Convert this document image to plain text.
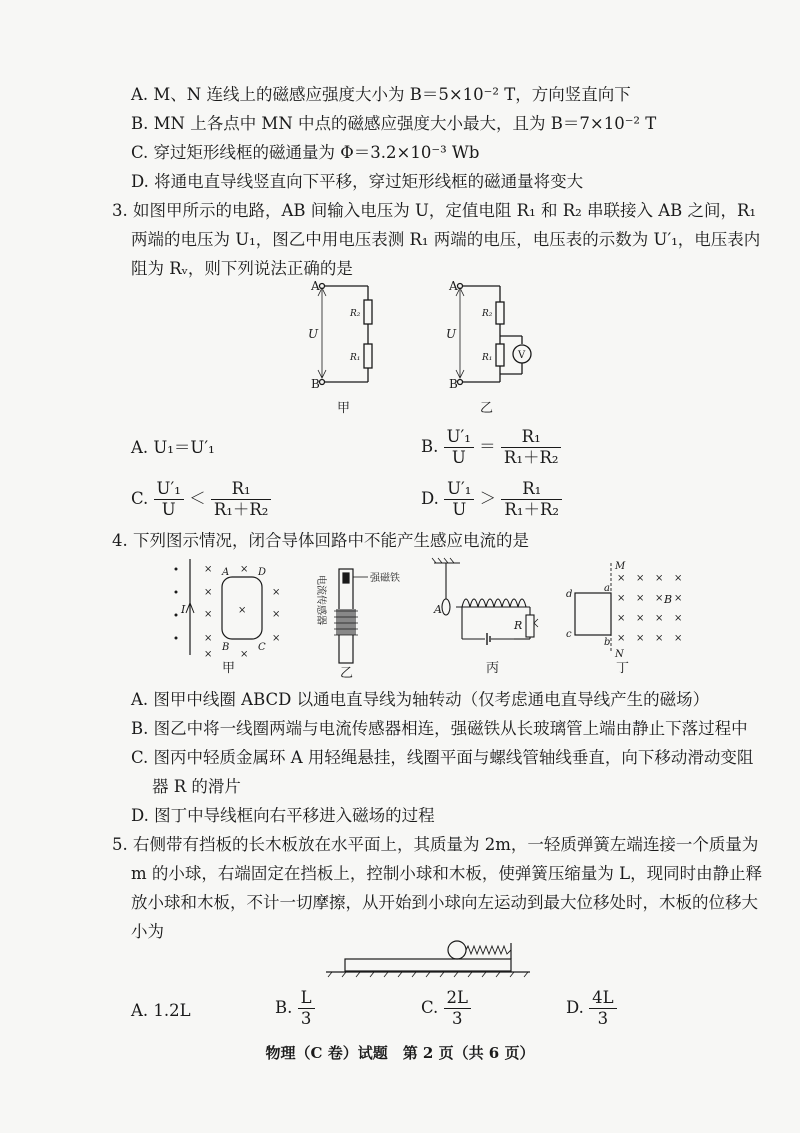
A. M、N 连线上的磁感应强度大小为 B＝5×10⁻² T，方向竖直向下
B. MN 上各点中 MN 中点的磁感应强度大小最大，且为 B＝7×10⁻² T
C. 穿过矩形线框的磁通量为 Φ＝3.2×10⁻³ Wb
D. 将通电直导线竖直向下平移，穿过矩形线框的磁通量将变大
3. 如图甲所示的电路，AB 间输入电压为 U，定值电阻 R₁ 和 R₂ 串联接入 AB 之间，R₁
两端的电压为 U₁，图乙中用电压表测 R₁ 两端的电压，电压表的示数为 U′₁，电压表内
阻为 Rᵥ，则下列说法正确的是
A
B
U
R₂
R₁
甲
A
B
U
R₂
R₁	V
乙
A. U₁＝U′₁	B. $\frac{\text{U′₁}}{U} = \frac{\text{R₁}}{\text{R₁＋R₂}}$
C. $\frac{\text{U′₁}}{U} < \frac{\text{R₁}}{\text{R₁＋R₂}}$	D. $\frac{\text{U′₁}}{U} > \frac{\text{R₁}}{\text{R₁＋R₂}}$
4. 下列图示情况，闭合导体回路中不能产生感应电流的是
×	×
×	×
×	×	×
×	×
×	×
I
A	D
B	C
甲
强磁铁
电流传感器
乙
A
R
丙
× × × ×
× × × ×
× × × ×
× × × ×
M
N
a
b
c
d	B
丁
A. 图甲中线圈 ABCD 以通电直导线为轴转动（仅考虑通电直导线产生的磁场）
B. 图乙中将一线圈两端与电流传感器相连，强磁铁从长玻璃管上端由静止下落过程中
C. 图丙中轻质金属环 A 用轻绳悬挂，线圈平面与螺线管轴线垂直，向下移动滑动变阻
器 R 的滑片
D. 图丁中导线框向右平移进入磁场的过程
5. 右侧带有挡板的长木板放在水平面上，其质量为 2m，一轻质弹簧左端连接一个质量为
m 的小球，右端固定在挡板上，控制小球和木板，使弹簧压缩量为 L，现同时由静止释
放小球和木板，不计一切摩擦，从开始到小球向左运动到最大位移处时，木板的位移大
小为
A. 1.2L	B. $\frac{L}{3}$	C. $\frac{2L}{3}$	D. $\frac{4L}{3}$
物理（C 卷）试题　第 2 页（共 6 页）
